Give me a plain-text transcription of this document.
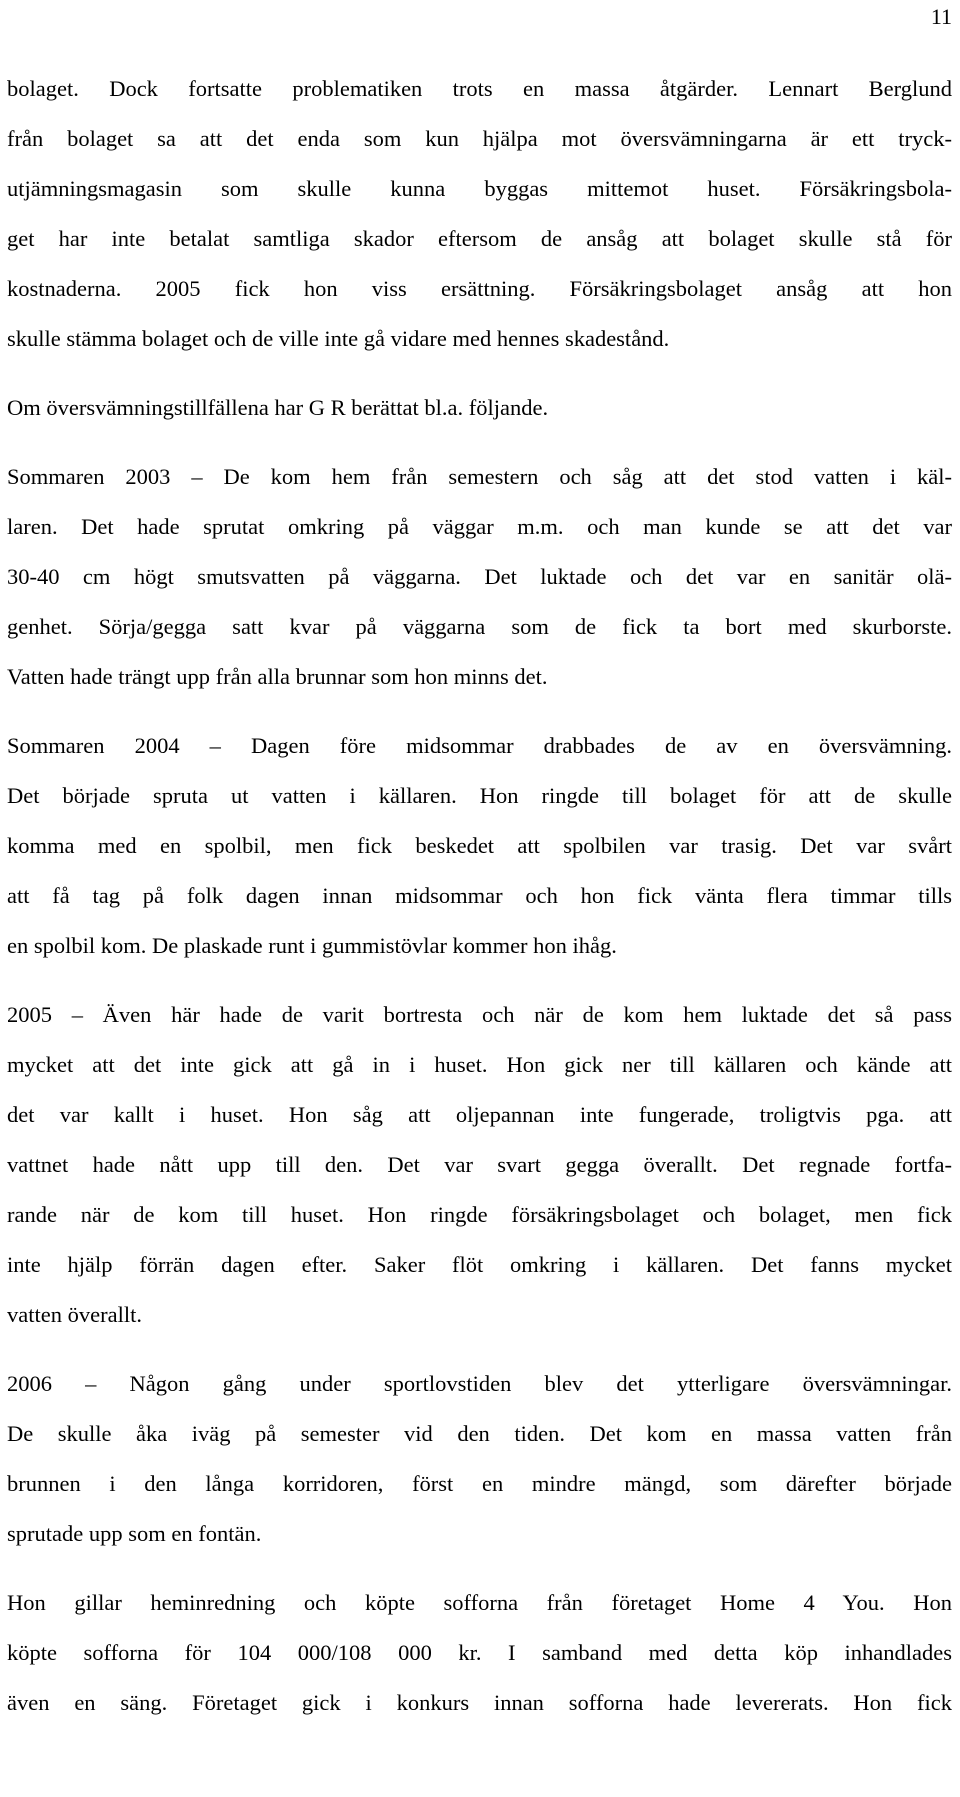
11

bolaget. Dock fortsatte problematiken trots en massa åtgärder. Lennart Berglund
från bolaget sa att det enda som kun hjälpa mot översvämningarna är ett tryck-
utjämningsmagasin som skulle kunna byggas mittemot huset. Försäkringsbola-
get har inte betalat samtliga skador eftersom de ansåg att bolaget skulle stå för
kostnaderna. 2005 fick hon viss ersättning. Försäkringsbolaget ansåg att hon
skulle stämma bolaget och de ville inte gå vidare med hennes skadestånd.

Om översvämningstillfällena har G R berättat bl.a. följande.

Sommaren 2003 – De kom hem från semestern och såg att det stod vatten i käl-
laren. Det hade sprutat omkring på väggar m.m. och man kunde se att det var
30-40 cm högt smutsvatten på väggarna. Det luktade och det var en sanitär olä-
genhet. Sörja/gegga satt kvar på väggarna som de fick ta bort med skurborste.
Vatten hade trängt upp från alla brunnar som hon minns det.

Sommaren 2004 – Dagen före midsommar drabbades de av en översvämning.
Det började spruta ut vatten i källaren. Hon ringde till bolaget för att de skulle
komma med en spolbil, men fick beskedet att spolbilen var trasig. Det var svårt
att få tag på folk dagen innan midsommar och hon fick vänta flera timmar tills
en spolbil kom. De plaskade runt i gummistövlar kommer hon ihåg.

2005 – Även här hade de varit bortresta och när de kom hem luktade det så pass
mycket att det inte gick att gå in i huset. Hon gick ner till källaren och kände att
det var kallt i huset. Hon såg att oljepannan inte fungerade, troligtvis pga. att
vattnet hade nått upp till den. Det var svart gegga överallt. Det regnade fortfa-
rande när de kom till huset. Hon ringde försäkringsbolaget och bolaget, men fick
inte hjälp förrän dagen efter. Saker flöt omkring i källaren. Det fanns mycket
vatten överallt.

2006 – Någon gång under sportlovstiden blev det ytterligare översvämningar.
De skulle åka iväg på semester vid den tiden. Det kom en massa vatten från
brunnen i den långa korridoren, först en mindre mängd, som därefter började
sprutade upp som en fontän.

Hon gillar heminredning och köpte sofforna från företaget Home 4 You. Hon
köpte sofforna för 104 000/108 000 kr. I samband med detta köp inhandlades
även en säng. Företaget gick i konkurs innan sofforna hade levererats. Hon fick
